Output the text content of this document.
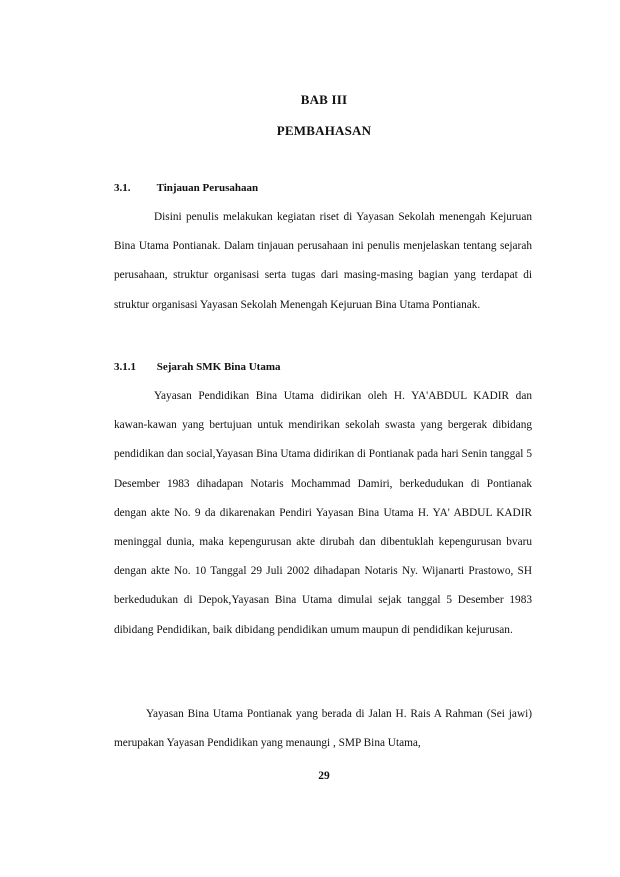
BAB III
PEMBAHASAN
3.1. Tinjauan Perusahaan
Disini penulis melakukan kegiatan riset di Yayasan Sekolah menengah Kejuruan Bina Utama Pontianak. Dalam tinjauan perusahaan ini penulis menjelaskan tentang sejarah perusahaan, struktur organisasi serta tugas dari masing-masing bagian yang terdapat di struktur organisasi Yayasan Sekolah Menengah Kejuruan Bina Utama Pontianak.
3.1.1 Sejarah SMK Bina Utama
Yayasan Pendidikan Bina Utama didirikan oleh H. YA'ABDUL KADIR dan kawan-kawan yang bertujuan untuk mendirikan sekolah swasta yang bergerak dibidang pendidikan dan social,Yayasan Bina Utama didirikan di Pontianak pada hari Senin tanggal 5 Desember 1983 dihadapan Notaris Mochammad Damiri, berkedudukan di Pontianak dengan akte No. 9 da dikarenakan Pendiri Yayasan Bina Utama H. YA' ABDUL KADIR meninggal dunia, maka kepengurusan akte dirubah dan dibentuklah kepengurusan bvaru dengan akte No. 10 Tanggal 29 Juli 2002 dihadapan Notaris Ny. Wijanarti Prastowo, SH berkedudukan di Depok,Yayasan Bina Utama dimulai sejak tanggal 5 Desember 1983 dibidang Pendidikan, baik dibidang pendidikan umum maupun di pendidikan kejurusan.
Yayasan Bina Utama Pontianak yang berada di Jalan H. Rais A Rahman (Sei jawi) merupakan Yayasan Pendidikan yang menaungi , SMP Bina Utama,
29
